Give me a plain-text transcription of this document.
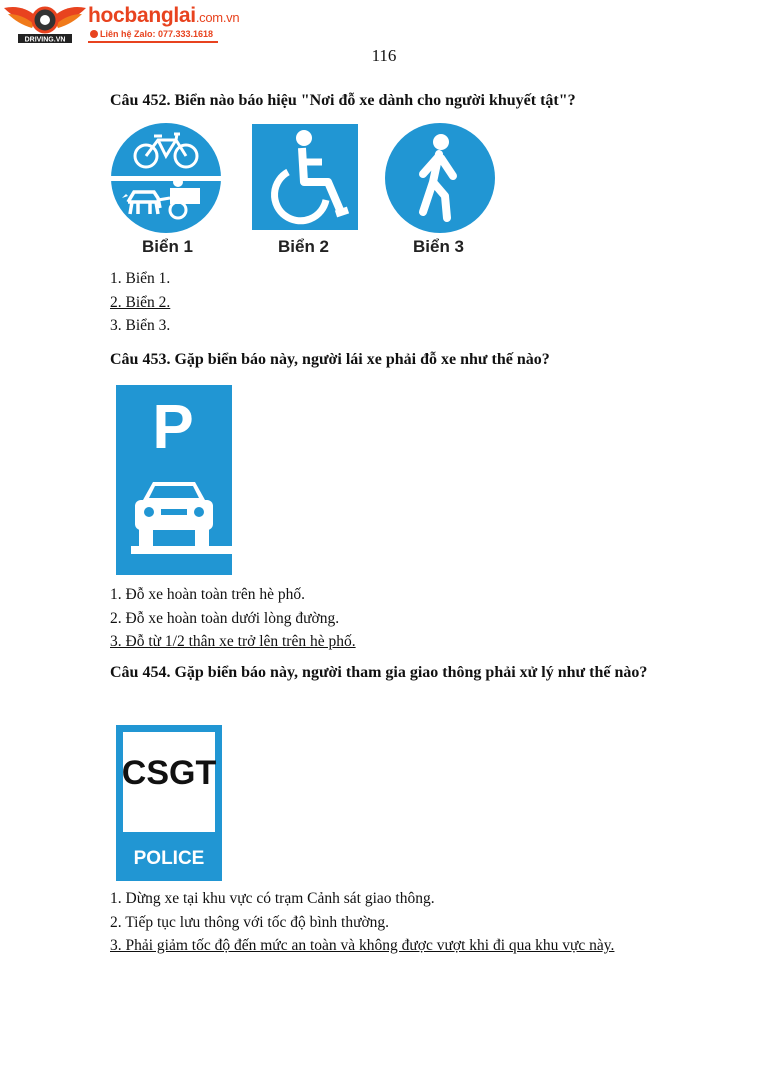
DRIVING.VN
hocbanglai.com.vn
Liên hệ Zalo: 077.333.1618
116
Câu 452. Biển nào báo hiệu "Nơi đỗ xe dành cho người khuyết tật"?
Biển 1	Biển 2	Biển 3
1. Biển 1.
2. Biển 2.
3. Biển 3.
Câu 453. Gặp biển báo này, người lái xe phải đỗ xe như thế nào?
P
1. Đỗ xe hoàn toàn trên hè phố.
2. Đỗ xe hoàn toàn dưới lòng đường.
3. Đỗ từ 1/2 thân xe trở lên trên hè phố.
Câu 454. Gặp biển báo này, người tham gia giao thông phải xử lý như thế nào?
CSGT
POLICE
1. Dừng xe tại khu vực có trạm Cảnh sát giao thông.
2. Tiếp tục lưu thông với tốc độ bình thường.
3. Phải giảm tốc độ đến mức an toàn và không được vượt khi đi qua khu vực này.
